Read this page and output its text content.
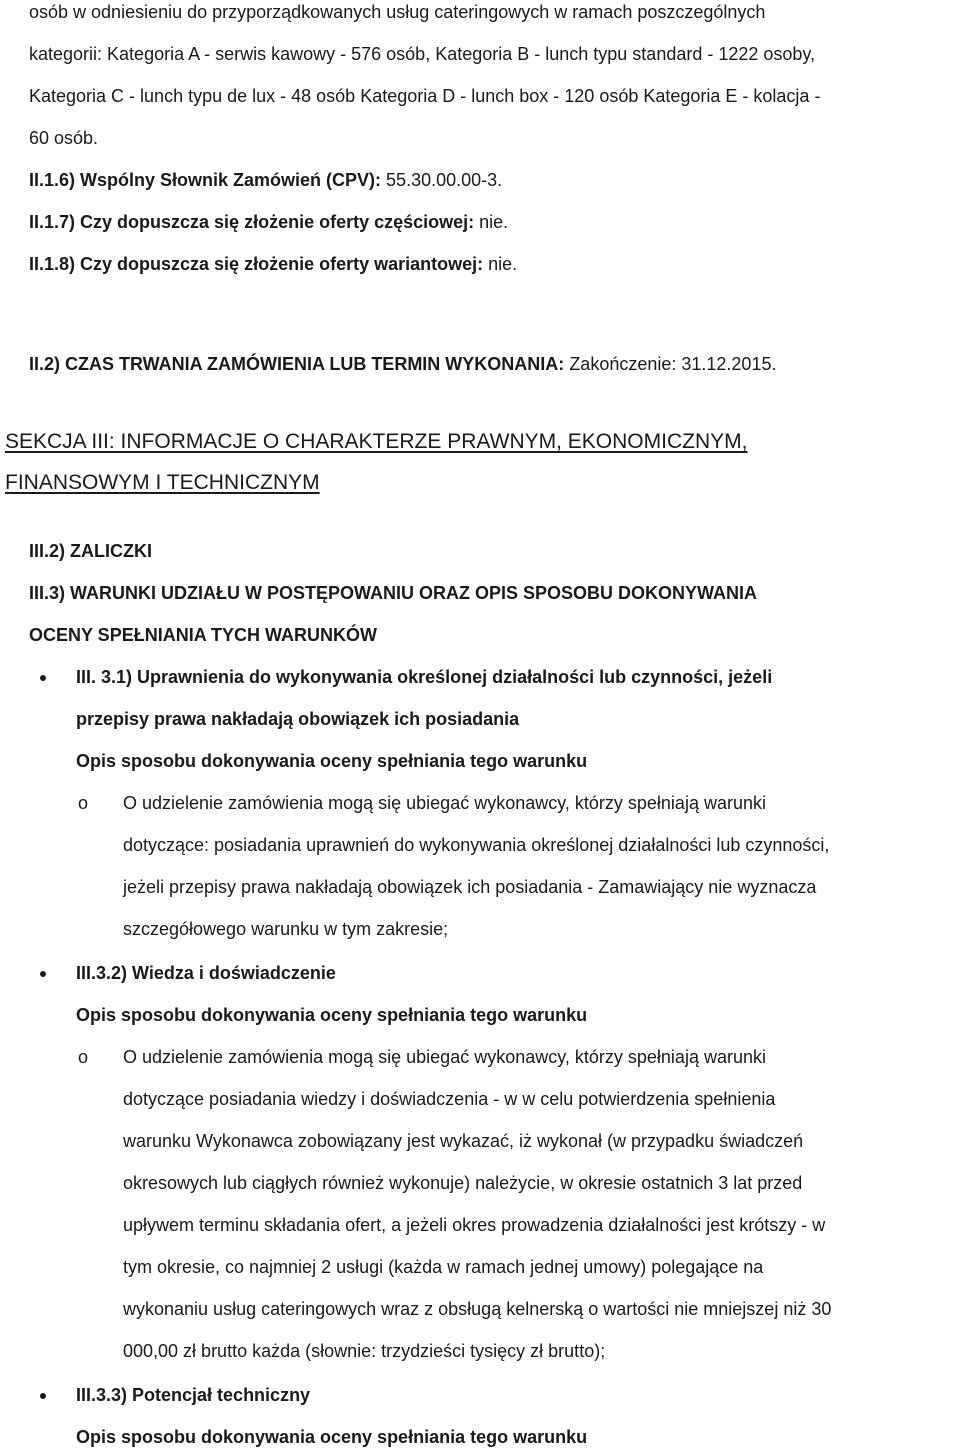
osób w odniesieniu do przyporządkowanych usług cateringowych w ramach poszczególnych
kategorii: Kategoria A - serwis kawowy - 576 osób, Kategoria B - lunch typu standard - 1222 osoby,
Kategoria C - lunch typu de lux - 48 osób Kategoria D - lunch box - 120 osób Kategoria E - kolacja -
60 osób.
II.1.6) Wspólny Słownik Zamówień (CPV): 55.30.00.00-3.
II.1.7) Czy dopuszcza się złożenie oferty częściowej: nie.
II.1.8) Czy dopuszcza się złożenie oferty wariantowej: nie.
II.2) CZAS TRWANIA ZAMÓWIENIA LUB TERMIN WYKONANIA: Zakończenie: 31.12.2015.
SEKCJA III: INFORMACJE O CHARAKTERZE PRAWNYM, EKONOMICZNYM,
FINANSOWYM I TECHNICZNYM
III.2) ZALICZKI
III.3) WARUNKI UDZIAŁU W POSTĘPOWANIU ORAZ OPIS SPOSOBU DOKONYWANIA
OCENY SPEŁNIANIA TYCH WARUNKÓW
III. 3.1) Uprawnienia do wykonywania określonej działalności lub czynności, jeżeli
przepisy prawa nakładają obowiązek ich posiadania
Opis sposobu dokonywania oceny spełniania tego warunku
o O udzielenie zamówienia mogą się ubiegać wykonawcy, którzy spełniają warunki
dotyczące: posiadania uprawnień do wykonywania określonej działalności lub czynności,
jeżeli przepisy prawa nakładają obowiązek ich posiadania - Zamawiający nie wyznacza
szczegółowego warunku w tym zakresie;
III.3.2) Wiedza i doświadczenie
Opis sposobu dokonywania oceny spełniania tego warunku
o O udzielenie zamówienia mogą się ubiegać wykonawcy, którzy spełniają warunki
dotyczące posiadania wiedzy i doświadczenia - w w celu potwierdzenia spełnienia
warunku Wykonawca zobowiązany jest wykazać, iż wykonał (w przypadku świadczeń
okresowych lub ciągłych również wykonuje) należycie, w okresie ostatnich 3 lat przed
upływem terminu składania ofert, a jeżeli okres prowadzenia działalności jest krótszy - w
tym okresie, co najmniej 2 usługi (każda w ramach jednej umowy) polegające na
wykonaniu usług cateringowych wraz z obsługą kelnerską o wartości nie mniejszej niż 30
000,00 zł brutto każda (słownie: trzydzieści tysięcy zł brutto);
III.3.3) Potencjał techniczny
Opis sposobu dokonywania oceny spełniania tego warunku
